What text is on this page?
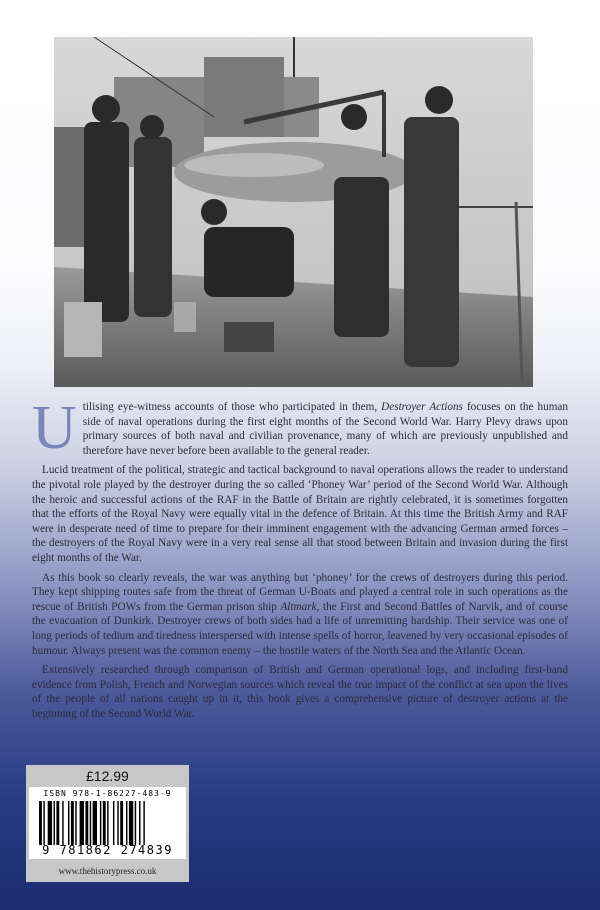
Utilising eye-witness accounts of those who participated in them, Destroyer Actions focuses on the human side of naval operations during the first eight months of the Second World War. Harry Plevy draws upon primary sources of both naval and civilian provenance, many of which are previously unpublished and therefore have never before been available to the general reader.

Lucid treatment of the political, strategic and tactical background to naval operations allows the reader to understand the pivotal role played by the destroyer during the so called ‘Phoney War’ period of the Second World War. Although the heroic and successful actions of the RAF in the Battle of Britain are rightly celebrated, it is sometimes forgotten that the efforts of the Royal Navy were equally vital in the defence of Britain. At this time the British Army and RAF were in desperate need of time to prepare for their imminent engagement with the advancing German armed forces – the destroyers of the Royal Navy were in a very real sense all that stood between Britain and invasion during the first eight months of the War.

As this book so clearly reveals, the war was anything but ‘phoney’ for the crews of destroyers during this period. They kept shipping routes safe from the threat of German U-Boats and played a central role in such operations as the rescue of British POWs from the German prison ship Altmark, the First and Second Battles of Narvik, and of course the evacuation of Dunkirk. Destroyer crews of both sides had a life of unremitting hardship. Their service was one of long periods of tedium and tiredness interspersed with intense spells of horror, leavened by very occasional episodes of humour. Always present was the common enemy – the hostile waters of the North Sea and the Atlantic Ocean.

Extensively researched through comparison of British and German operational logs, and including first-hand evidence from Polish, French and Norwegian sources which reveal the true impact of the conflict at sea upon the lives of the people of all nations caught up in it, this book gives a comprehensive picture of destroyer actions at the beginning of the Second World War.

£12.99
ISBN 978-1-86227-483-9
9 781862 274839
www.thehistorypress.co.uk
